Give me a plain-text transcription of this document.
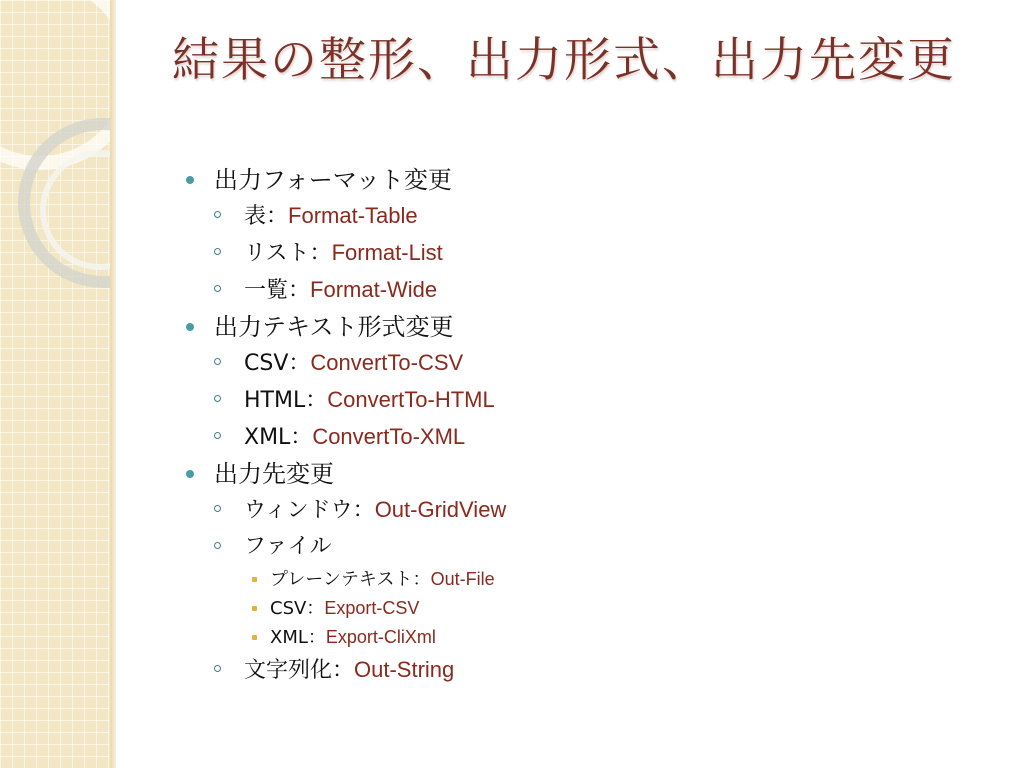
結果の整形、出力形式、出力先変更
出力フォーマット変更
表：Format-Table
リスト：Format-List
一覧：Format-Wide
出力テキスト形式変更
CSV：ConvertTo-CSV
HTML：ConvertTo-HTML
XML：ConvertTo-XML
出力先変更
ウィンドウ：Out-GridView
ファイル
プレーンテキスト：Out-File
CSV：Export-CSV
XML：Export-CliXml
文字列化：Out-String
